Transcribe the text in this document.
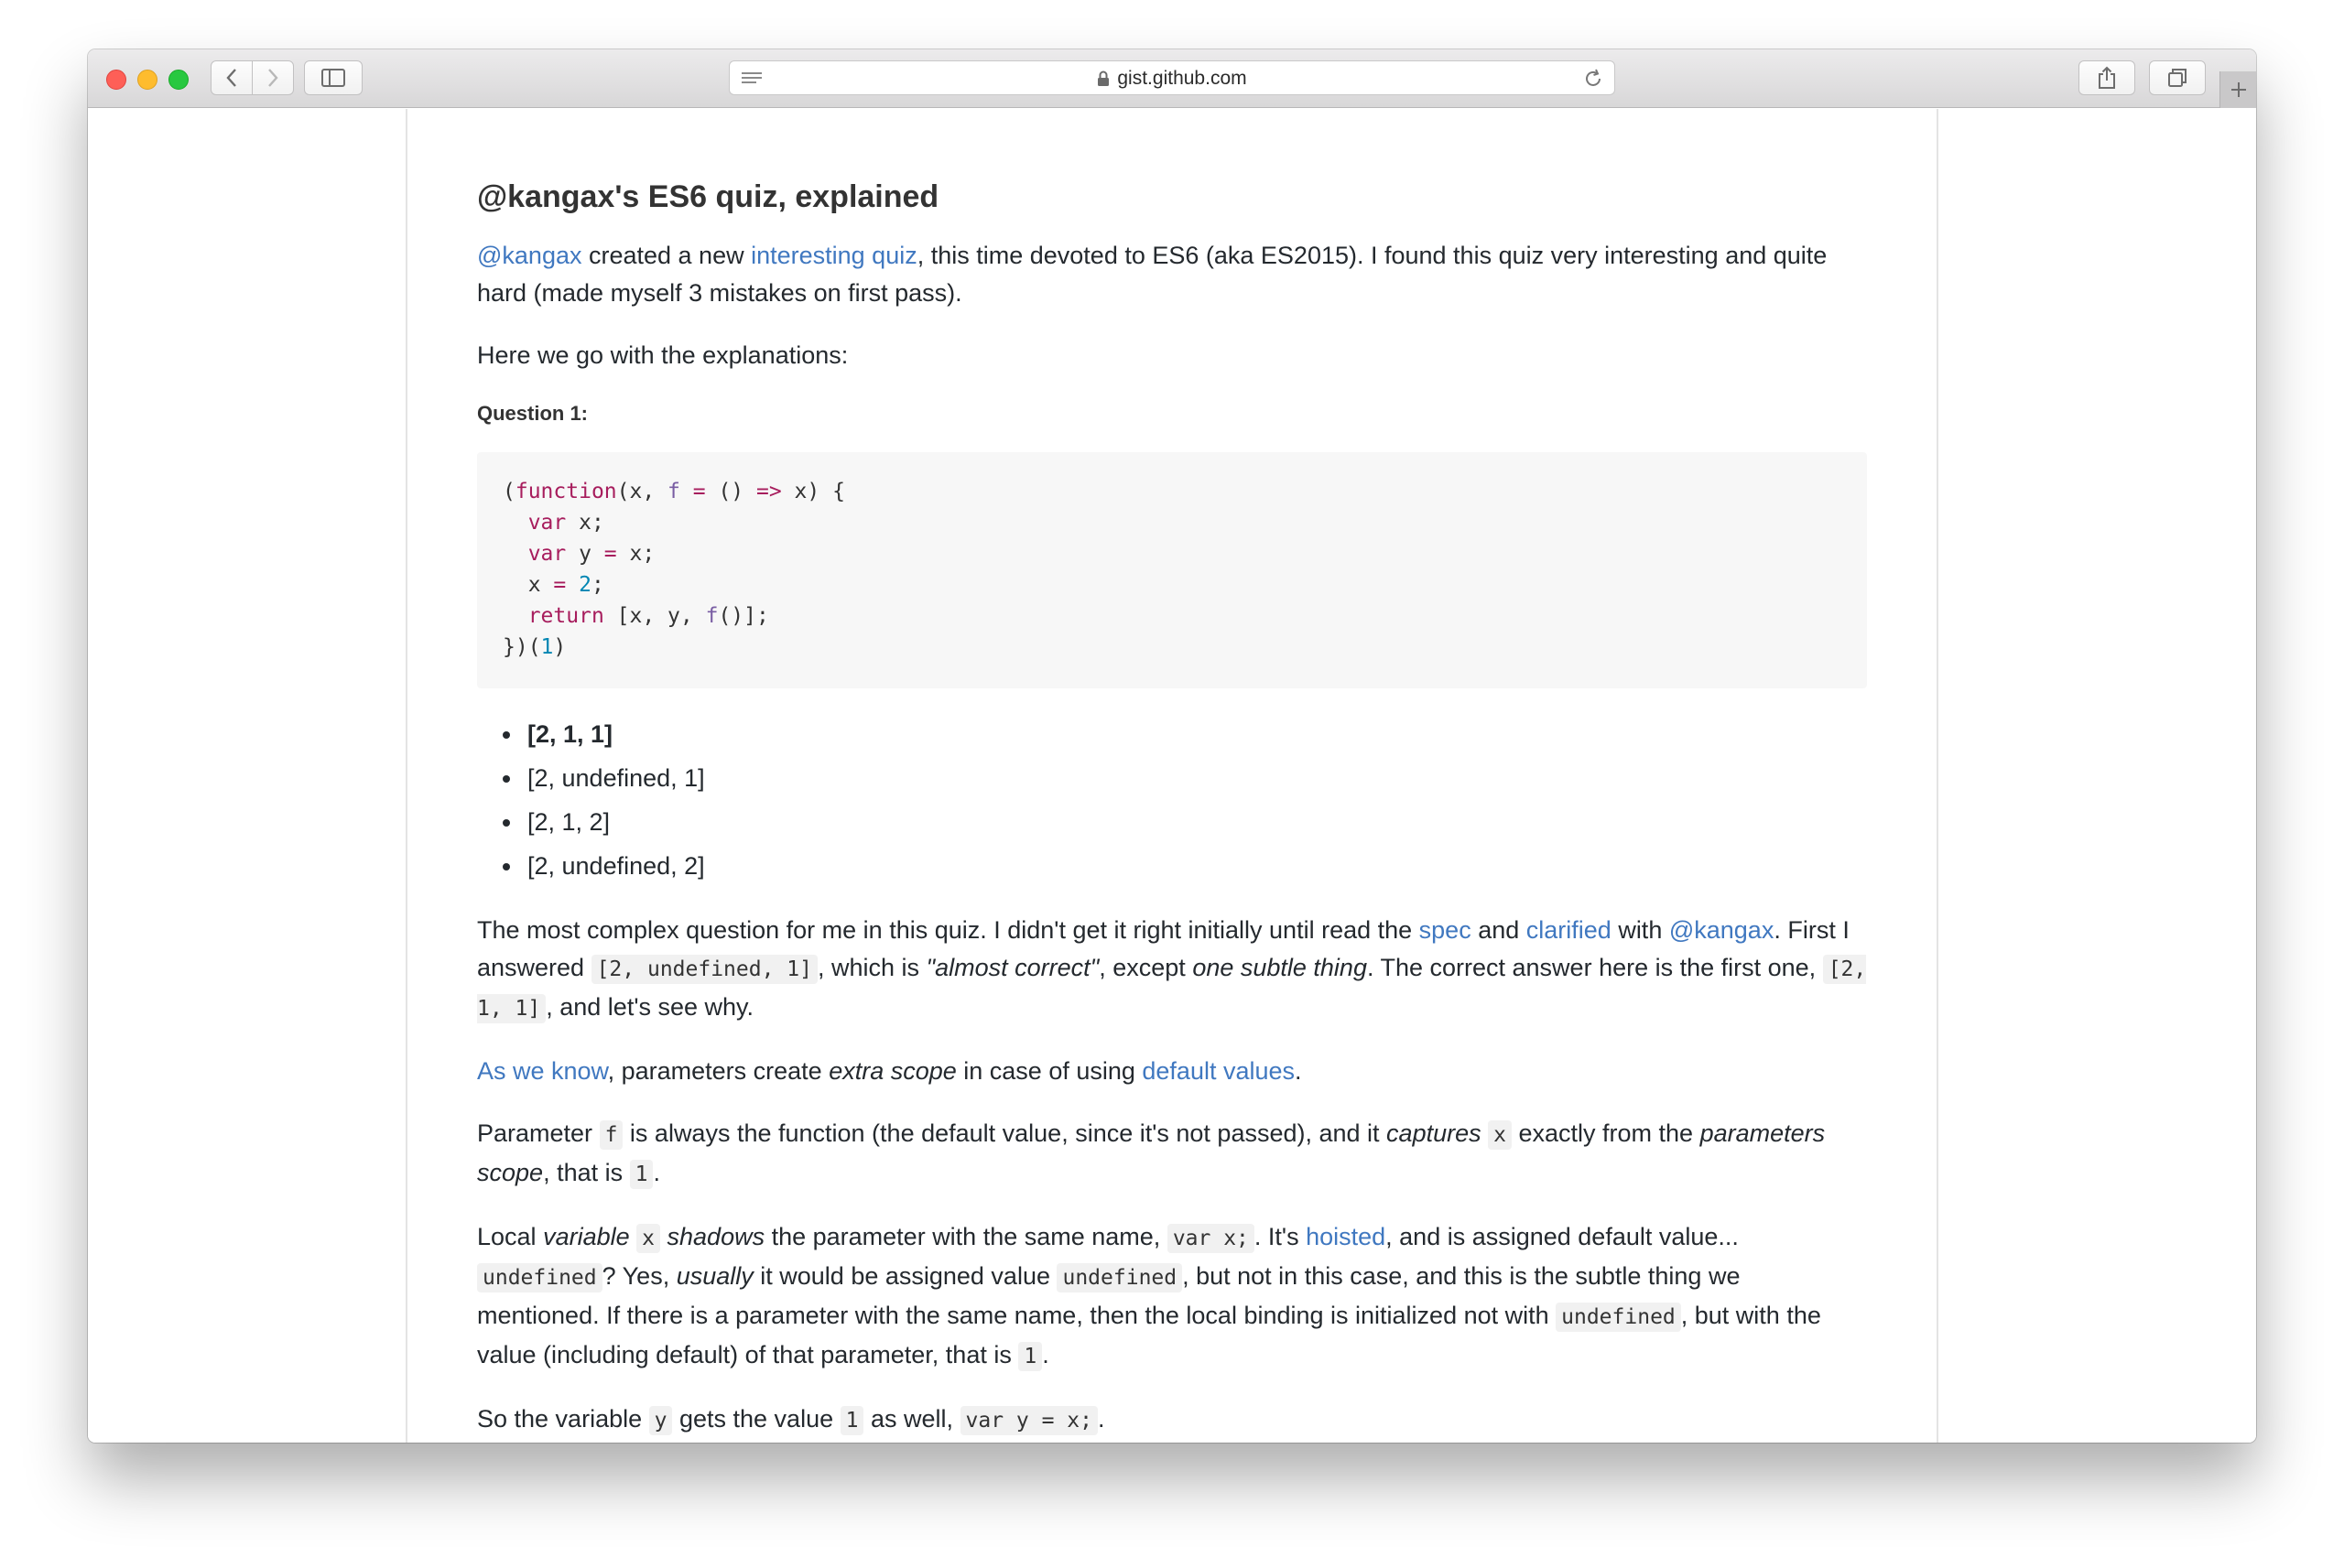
gist.github.com
@kangax's ES6 quiz, explained

@kangax created a new interesting quiz, this time devoted to ES6 (aka ES2015). I found this quiz very interesting and quite hard (made myself 3 mistakes on first pass).

Here we go with the explanations:

Question 1:
(function(x, f = () => x) {
var x;
var y = x;
x = 2;
return [x, y, f()];
})(1)
[2, 1, 1]
[2, undefined, 1]
[2, 1, 2]
[2, undefined, 2]

The most complex question for me in this quiz. I didn't get it right initially until read the spec and clarified with @kangax. First I answered [2, undefined, 1] , which is "almost correct", except one subtle thing. The correct answer here is the first one, [2, 1, 1] , and let's see why.

As we know, parameters create extra scope in case of using default values.

Parameter f is always the function (the default value, since it's not passed), and it captures x exactly from the parameters scope, that is 1 .

Local variable x shadows the parameter with the same name, var x; . It's hoisted, and is assigned default value... undefined ? Yes, usually it would be assigned value undefined , but not in this case, and this is the subtle thing we mentioned. If there is a parameter with the same name, then the local binding is initialized not with undefined , but with the value (including default) of that parameter, that is 1 .

So the variable y gets the value 1 as well, var y = x; .
